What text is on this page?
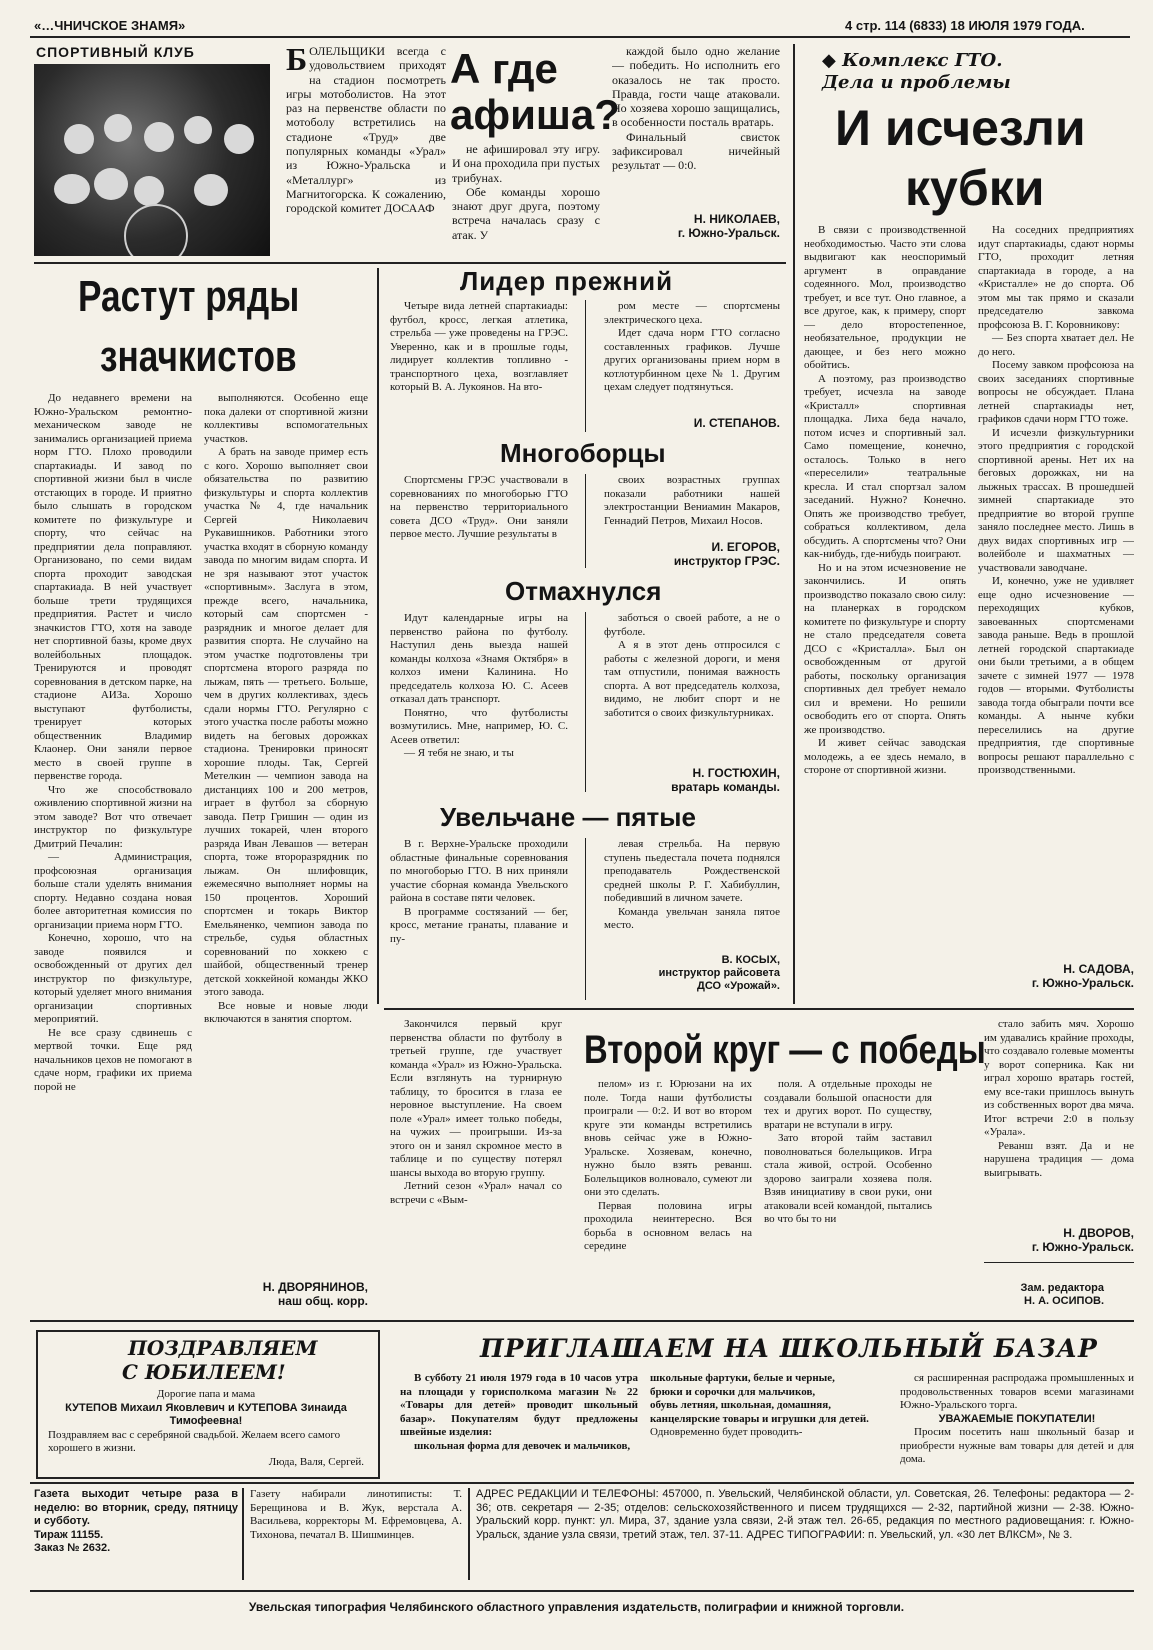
«…ЧНИЧСКОЕ ЗНАМЯ»	4 стр. 114 (6833) 18 ИЮЛЯ 1979 ГОДА.
СПОРТИВНЫЙ КЛУБ	Б ОЛЕЛЬЩИКИ всегда с удовольствием приходят на стадион посмотреть игры мотоболистов. На этот раз на первенстве области по мотоболу встретились на стадионе «Труд» две популярных команды «Урал» из Южно-Уральска и «Металлург» из Магнитогорска. К сожалению, городской комитет ДОСААФ
А где афиша?

не афишировал эту игру. И она проходила при пустых трибунах.

Обе команды хорошо знают друг друга, поэтому встреча началась сразу с атак. У

каждой было одно желание — победить. Но исполнить его оказалось не так просто. Правда, гости чаще атаковали. Но хозяева хорошо защищались, в особенности посталь вратарь.

Финальный свисток зафиксировал ничейный результат — 0:0.

Н. НИКОЛАЕВ,
г. Южно-Уральск.
◆ Комплекс ГТО.
Дела и проблемы
И исчезли
кубки

В связи с производственной необходимостью. Часто эти слова выдвигают как неоспоримый аргумент в оправдание содеянного. Мол, производство требует, и все тут. Оно главное, а все другое, как, к примеру, спорт — дело второстепенное, необязательное, продукции не дающее, и без него можно обойтись.

А поэтому, раз производство требует, исчезла на заводе «Кристалл» спортивная площадка. Лиха беда начало, потом исчез и спортивный зал. Само помещение, конечно, осталось. Только в него «переселили» театральные кресла. И стал спортзал залом заседаний. Нужно? Конечно. Опять же производство требует, собраться коллективом, дела обсудить. А спортсмены что? Они как-нибудь, где-нибудь поиграют.

Но и на этом исчезновение не закончились. И опять производство показало свою силу: на планерках в городском комитете по физкультуре и спорту не стало председателя совета ДСО с «Кристалла». Был он освобожденным от другой работы, поскольку организация спортивных дел требует немало сил и времени. Но решили освободить его от спорта. Опять же производство.

И живет сейчас заводская молодежь, а ее здесь немало, в стороне от спортивной жизни.

На соседних предприятиях идут спартакиады, сдают нормы ГТО, проходит летняя спартакиада в городе, а на «Кристалле» не до спорта. Об этом мы так прямо и сказали председателю завкома профсоюза В. Г. Коровникову:

— Без спорта хватает дел. Не до него.

Посему завком профсоюза на своих заседаниях спортивные вопросы не обсуждает. Плана летней спартакиады нет, графиков сдачи норм ГТО тоже.

И исчезли физкультурники этого предприятия с городской спортивной арены. Нет их на беговых дорожках, ни на лыжных трассах. В прошедшей зимней спартакиаде это предприятие во второй группе заняло последнее место. Лишь в двух видах спортивных игр — волейболе и шахматных — участвовали заводчане.

И, конечно, уже не удивляет еще одно исчезновение — переходящих кубков, завоеванных спортсменами завода раньше. Ведь в прошлой летней городской спартакиаде они были третьими, а в общем зачете с зимней 1977 — 1978 годов — вторыми. Футболисты завода тогда обыграли почти все команды. А нынче кубки переселились на другие предприятия, где спортивные вопросы решают параллельно с производственными.

Н. САДОВА,
г. Южно-Уральск.
Растут ряды
значкистов

До недавнего времени на Южно-Уральском ремонтно-механическом заводе не занимались организацией приема норм ГТО. Плохо проводили спартакиады. И завод по спортивной жизни был в числе отстающих в городе. И приятно было слышать в городском комитете по физкультуре и спорту, что сейчас на предприятии дела поправляют. Организовано, по семи видам спорта проходит заводская спартакиада. В ней участвует больше трети трудящихся предприятия. Растет и число значкистов ГТО, хотя на заводе нет спортивной базы, кроме двух волейбольных площадок. Тренируются и проводят соревнования в детском парке, на стадионе АИЗа. Хорошо выступают футболисты, тренирует которых общественник Владимир Клаонер. Они заняли первое место в своей группе в первенстве города.

Что же способствовало оживлению спортивной жизни на этом заводе? Вот что отвечает инструктор по физкультуре Дмитрий Печалин:

— Администрация, профсоюзная организация больше стали уделять внимания спорту. Недавно создана новая более авторитетная комиссия по организации приема норм ГТО.

Конечно, хорошо, что на заводе появился и освобожденный от других дел инструктор по физкультуре, который уделяет много внимания организации спортивных мероприятий.

Не все сразу сдвинешь с мертвой точки. Еще ряд начальников цехов не помогают в сдаче норм, графики их приема порой не

выполняются. Особенно еще пока далеки от спортивной жизни коллективы вспомогательных участков.

А брать на заводе пример есть с кого. Хорошо выполняет свои обязательства по развитию физкультуры и спорта коллектив участка № 4, где начальник Сергей Николаевич Рукавишников. Работники этого участка входят в сборную команду завода по многим видам спорта. И не зря называют этот участок «спортивным». Заслуга в этом, прежде всего, начальника, который сам спортсмен - разрядник и многое делает для развития спорта. Не случайно на этом участке подготовлены три спортсмена второго разряда по лыжам, пять — третьего. Больше, чем в других коллективах, здесь сдали нормы ГТО. Регулярно с этого участка после работы можно видеть на беговых дорожках стадиона. Тренировки приносят хорошие плоды. Так, Сергей Метелкин — чемпион завода на дистанциях 100 и 200 метров, играет в футбол за сборную завода. Петр Гришин — один из лучших токарей, член второго разряда Иван Левашов — ветеран спорта, тоже второразрядник по лыжам. Он шлифовщик, ежемесячно выполняет нормы на 150 процентов. Хороший спортсмен и токарь Виктор Емельяненко, чемпион завода по стрельбе, судья областных соревнований по хоккею с шайбой, общественный тренер детской хоккейной команды ЖКО этого завода.

Все новые и новые люди включаются в занятия спортом.

Н. ДВОРЯНИНОВ,
наш общ. корр.
Лидер прежний

Четыре вида летней спартакиады: футбол, кросс, легкая атлетика, стрельба — уже проведены на ГРЭС. Уверенно, как и в прошлые годы, лидирует коллектив топливно - транспортного цеха, возглавляет который В. А. Лукоянов. На вто-

ром месте — спортсмены электрического цеха.

Идет сдача норм ГТО согласно составленных графиков. Лучше других организованы прием норм в котлотурбинном цехе № 1. Другим цехам следует подтянуться.

И. СТЕПАНОВ.
Многоборцы

Спортсмены ГРЭС участвовали в соревнованиях по многоборью ГТО на первенство территориального совета ДСО «Труд». Они заняли первое место. Лучшие результаты в

своих возрастных группах показали работники нашей электростанции Вениамин Макаров, Геннадий Петров, Михаил Носов.

И. ЕГОРОВ,
инструктор ГРЭС.
Отмахнулся

Идут календарные игры на первенство района по футболу. Наступил день выезда нашей команды колхоза «Знамя Октября» в колхоз имени Калинина. Но председатель колхоза Ю. С. Асеев отказал дать транспорт.

Понятно, что футболисты возмутились. Мне, например, Ю. С. Асеев ответил:

— Я тебя не знаю, и ты

заботься о своей работе, а не о футболе.

А я в этот день отпросился с работы с железной дороги, и меня там отпустили, понимая важность спорта. А вот председатель колхоза, видимо, не любит спорт и не заботится о своих физкультурниках.

Н. ГОСТЮХИН,
вратарь команды.
Увельчане — пятые

В г. Верхне-Уральске проходили областные финальные соревнования по многоборью ГТО. В них приняли участие сборная команда Увельского района в составе пяти человек.

В программе состязаний — бег, кросс, метание гранаты, плавание и пу-

левая стрельба. На первую ступень пьедестала почета поднялся преподаватель Рождественской средней школы Р. Г. Хабибуллин, победивший в личном зачете.

Команда увельчан заняла пятое место.

В. КОСЫХ,
инструктор райсовета
ДСО «Урожай».

Закончился первый круг первенства области по футболу в третьей группе, где участвует команда «Урал» из Южно-Уральска. Если взглянуть на турнирную таблицу, то бросится в глаза ее неровное выступление. На своем поле «Урал» имеет только победы, на чужих — проигрыши. Из-за этого он и занял скромное место в таблице и по существу потерял шансы выхода во вторую группу.

Летний сезон «Урал» начал со встречи с «Вым-

Второй круг — с победы

пелом» из г. Юрюзани на их поле. Тогда наши футболисты проиграли — 0:2. И вот во втором круге эти команды встретились вновь сейчас уже в Южно-Уральске. Хозяевам, конечно, нужно было взять реванш. Болельщиков волновало, сумеют ли они это сделать.

Первая половина игры проходила неинтересно. Вся борьба в основном велась на середине

поля. А отдельные проходы не создавали большой опасности для тех и других ворот. По существу, вратари не вступали в игру.

Зато второй тайм заставил поволноваться болельщиков. Игра стала живой, острой. Особенно здорово заиграли хозяева поля. Взяв инициативу в свои руки, они атаковали всей командой, пытались во что бы то ни

стало забить мяч. Хорошо им удавались крайние проходы, что создавало голевые моменты у ворот соперника. Как ни играл хорошо вратарь гостей, ему все-таки пришлось вынуть из собственных ворот два мяча. Итог встречи 2:0 в пользу «Урала».

Реванш взят. Да и не нарушена традиция — дома выигрывать.

Н. ДВОРОВ,
г. Южно-Уральск.
Зам. редактора
Н. А. ОСИПОВ.
ПОЗДРАВЛЯЕМ
С ЮБИЛЕЕМ!
Дорогие папа и мама
КУТЕПОВ Михаил Яковлевич и КУТЕПОВА Зинаида Тимофеевна!
Поздравляем вас с серебряной свадьбой. Желаем всего самого хорошего в жизни.
Люда, Валя, Сергей.
ПРИГЛАШАЕМ НА ШКОЛЬНЫЙ БАЗАР

В субботу 21 июля 1979 года в 10 часов утра на площади у горисполкома магазин № 22 «Товары для детей» проводит школьный базар». Покупателям будут предложены швейные изделия:

школьная форма для девочек и мальчиков,

школьные фартуки, белые и черные,
брюки и сорочки для мальчиков,
обувь летняя, школьная, домашняя,
канцелярские товары и игрушки для детей.
Одновременно будет проводить-

ся расширенная распродажа промышленных и продовольственных товаров всеми магазинами Южно-Уральского торга.

УВАЖАЕМЫЕ ПОКУПАТЕЛИ!

Просим посетить наш школьный базар и приобрести нужные вам товары для детей и для дома.

Газета выходит четыре раза в неделю: во вторник, среду, пятницу и субботу.
Тираж 11155.
Заказ № 2632.
Газету набирали линотиписты: Т. Берещинова и В. Жук, верстала А. Васильева, корректоры М. Ефремовцева, А. Тихонова, печатал В. Шишминцев.
АДРЕС РЕДАКЦИИ И ТЕЛЕФОНЫ: 457000, п. Увельский, Челябинской области, ул. Советская, 26. Телефоны: редактора — 2-36; отв. секретаря — 2-35; отделов: сельскохозяйственного и писем трудящихся — 2-32, партийной жизни — 2-38. Южно-Уральский корр. пункт: ул. Мира, 37, здание узла связи, 2-й этаж тел. 26-65, редакция по местного радиовещания: г. Южно-Уральск, здание узла связи, третий этаж, тел. 37-11. АДРЕС ТИПОГРАФИИ: п. Увельский, ул. «30 лет ВЛКСМ», № 3.
Увельская типография Челябинского областного управления издательств, полиграфии и книжной торговли.
